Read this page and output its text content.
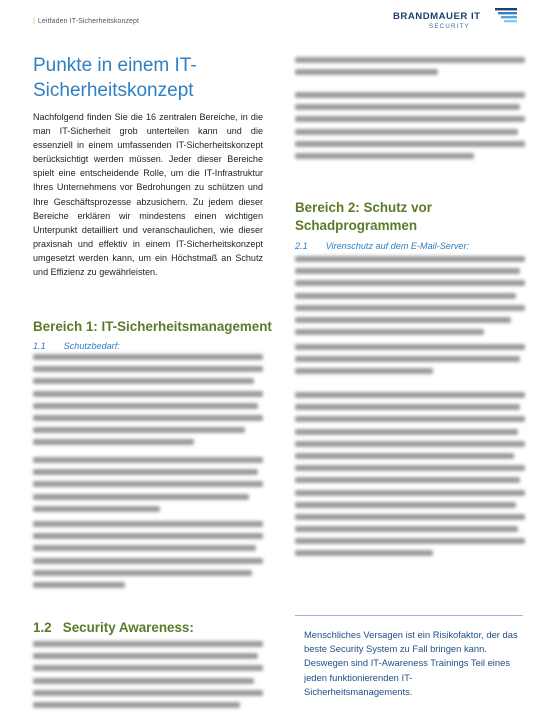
| Leitfaden IT-Sicherheitskonzept	BRANDMAUER IT
SECURITY
Punkte in einem IT-Sicherheitskonzept

Nachfolgend finden Sie die 16 zentralen Bereiche, in die man IT-Sicherheit grob unterteilen kann und die essenziell in einem umfassenden IT-Sicherheitskonzept berücksichtigt werden müssen. Jeder dieser Bereiche spielt eine entscheidende Rolle, um die IT-Infrastruktur Ihres Unternehmens vor Bedrohungen zu schützen und Ihre Geschäftsprozesse abzusichern. Zu jedem dieser Bereiche erklären wir mindestens einen wichtigen Unterpunkt detailliert und veranschaulichen, wie dieser praxisnah und effektiv in einem IT-Sicherheitskonzept umgesetzt werden kann, um ein Höchstmaß an Schutz und Effizienz zu gewährleisten.

Bereich 1: IT-Sicherheitsmanagement
1.1 Schutzbedarf:
1.2 Security Awareness:
Bereich 2: Schutz vor Schadprogrammen
2.1 Virenschutz auf dem E-Mail-Server:

Menschliches Versagen ist ein Risikofaktor, der das beste Security System zu Fall bringen kann. Deswegen sind IT-Awareness Trainings Teil eines jeden funktionierenden IT-Sicherheitsmanagements.
